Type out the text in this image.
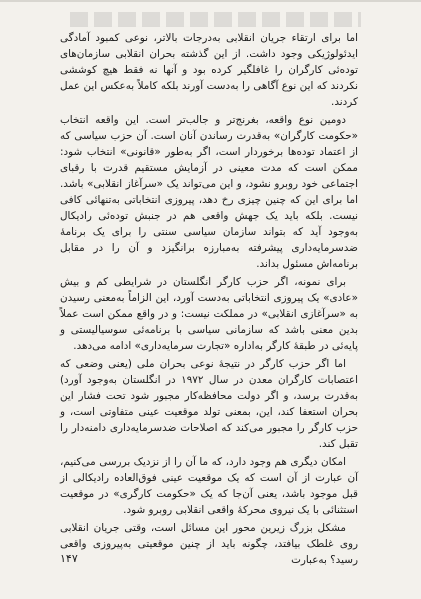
اما برای ارتقاء جریان انقلابی به‌درجات بالاتر، نوعی کمبود آمادگی ایدئولوژیکی وجود داشت. از این گذشته بحران انقلابی سازمان‌های توده‌ئی کارگران را غافلگیر کرده بود و آنها نه فقط هیچ کوششی نکردند که این نوع آگاهی را به‌دست آورند بلکه کاملاً به‌عکس این عمل کردند.

دومین نوع واقعه، بغرنج‌تر و جالب‌تر است. این واقعه انتخاب «حکومت کارگران» به‌قدرت رساندن آنان است. آن حزب سیاسی که از اعتماد توده‌ها برخوردار است، اگر به‌طور «قانونی» انتخاب شود: ممکن است که مدت معینی در آزمایش مستقیم قدرت با رقبای اجتماعی خود روبرو نشود، و این می‌تواند یک «سرآغاز انقلابی» باشد. اما برای این که چنین چیزی رخ دهد، پیروزی انتخاباتی به‌تنهائی کافی نیست. بلکه باید یک جهش واقعی هم در جنبش توده‌ئی رادیکال به‌وجود آید که بتواند سازمان سیاسی سنتی را برای یک برنامهٔ ضدسرمایه‌داری پیشرفته به‌مبارزه برانگیزد و آن را در مقابل برنامه‌اش مسئول بداند.

برای نمونه، اگر حزب کارگر انگلستان در شرایطی کم و بیش «عادی» یک پیروزی انتخاباتی به‌دست آورد، این الزاماً به‌معنی رسیدن به «سرآغازی انقلابی» در مملکت نیست: و در واقع ممکن است عملاً بدین معنی باشد که سازمانی سیاسی با برنامه‌ئی سوسیالیستی و پایه‌ئی در طبقهٔ کارگر به‌اداره «تجارت سرمایه‌داری» ادامه می‌دهد.

اما اگر حزب کارگر در نتیجهٔ نوعی بحران ملی (یعنی وضعی که اعتصابات کارگران معدن در سال ۱۹۷۲ در انگلستان به‌وجود آورد) به‌قدرت برسد، و اگر دولت محافظه‌کار مجبور شود تحت فشار این بحران استعفا کند، این، بمعنی تولد موقعیت عینی متفاوتی است، و حزب کارگر را مجبور می‌کند که اصلاحات ضدسرمایه‌داری دامنه‌دار را تقبل کند.

امکان دیگری هم وجود دارد، که ما آن را از نزدیک بررسی می‌کنیم، آن عبارت از آن است که یک موقعیت عینی فوق‌العاده رادیکالی از قبل موجود باشد، یعنی آن‌جا که یک «حکومت کارگری» در موقعیت استثنائی با یک نیروی محرکهٔ واقعی انقلابی روبرو شود.

مشکل بزرگ زیرین محور این مسائل است، وقتی جریان انقلابی روی غلطک بیافتد، چگونه باید از چنین موقعیتی به‌پیروزی واقعی رسید؟ به‌عبارت

۱۴۷
